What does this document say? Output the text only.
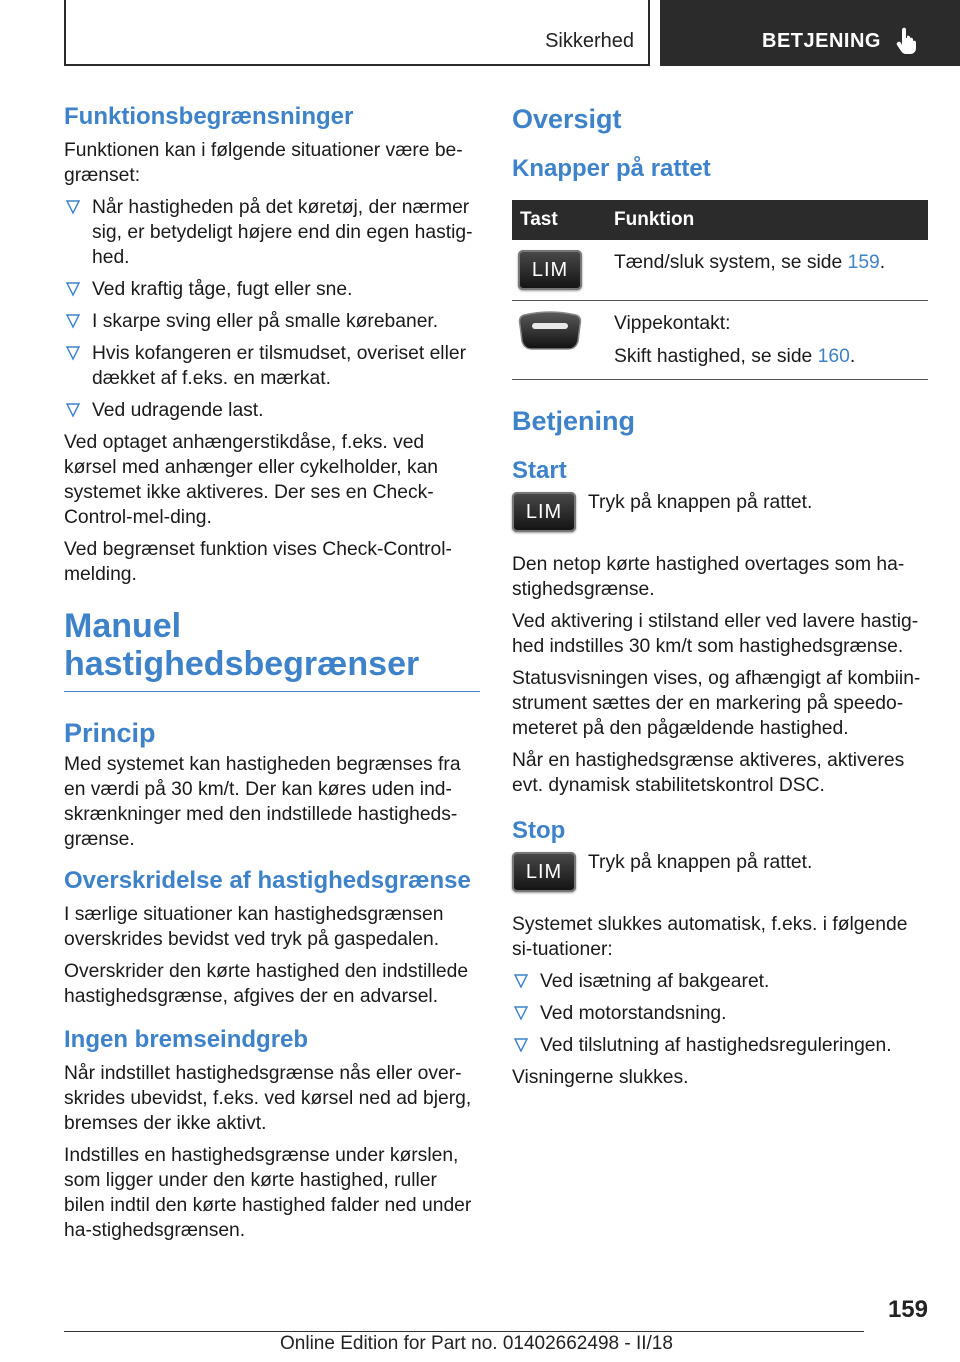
Sikkerhed	BETJENING
Funktionsbegrænsninger

Funktionen kan i følgende situationer være be-grænset:

Når hastigheden på det køretøj, der nærmer sig, er betydeligt højere end din egen hastig-hed.
Ved kraftig tåge, fugt eller sne.
I skarpe sving eller på smalle kørebaner.
Hvis kofangeren er tilsmudset, overiset eller dækket af f.eks. en mærkat.
Ved udragende last.

Ved optaget anhængerstikdåse, f.eks. ved kørsel med anhænger eller cykelholder, kan systemet ikke aktiveres. Der ses en Check-Control-mel-ding.

Ved begrænset funktion vises Check-Control-melding.

Manuel
hastighedsbegrænser
Princip

Med systemet kan hastigheden begrænses fra en værdi på 30 km/t. Der kan køres uden ind-skrænkninger med den indstillede hastigheds-grænse.

Overskridelse af hastighedsgrænse

I særlige situationer kan hastighedsgrænsen overskrides bevidst ved tryk på gaspedalen.

Overskrider den kørte hastighed den indstillede hastighedsgrænse, afgives der en advarsel.

Ingen bremseindgreb

Når indstillet hastighedsgrænse nås eller over-skrides ubevidst, f.eks. ved kørsel ned ad bjerg, bremses der ikke aktivt.

Indstilles en hastighedsgrænse under kørslen, som ligger under den kørte hastighed, ruller bilen indtil den kørte hastighed falder ned under ha-stighedsgrænsen.

Oversigt
Knapper på rattet
Tast	Funktion
LIM	Tænd/sluk system, se side 159.

Vippekontakt:
Skift hastighed, se side 160.
Betjening
Start
LIM	Tryk på knappen på rattet.

Den netop kørte hastighed overtages som ha-stighedsgrænse.

Ved aktivering i stilstand eller ved lavere hastig-hed indstilles 30 km/t som hastighedsgrænse.

Statusvisningen vises, og afhængigt af kombiin-strument sættes der en markering på speedo-meteret på den pågældende hastighed.

Når en hastighedsgrænse aktiveres, aktiveres evt. dynamisk stabilitetskontrol DSC.

Stop
LIM	Tryk på knappen på rattet.

Systemet slukkes automatisk, f.eks. i følgende si-tuationer:

Ved isætning af bakgearet.
Ved motorstandsning.
Ved tilslutning af hastighedsreguleringen.

Visningerne slukkes.

159
Online Edition for Part no. 01402662498 - II/18
